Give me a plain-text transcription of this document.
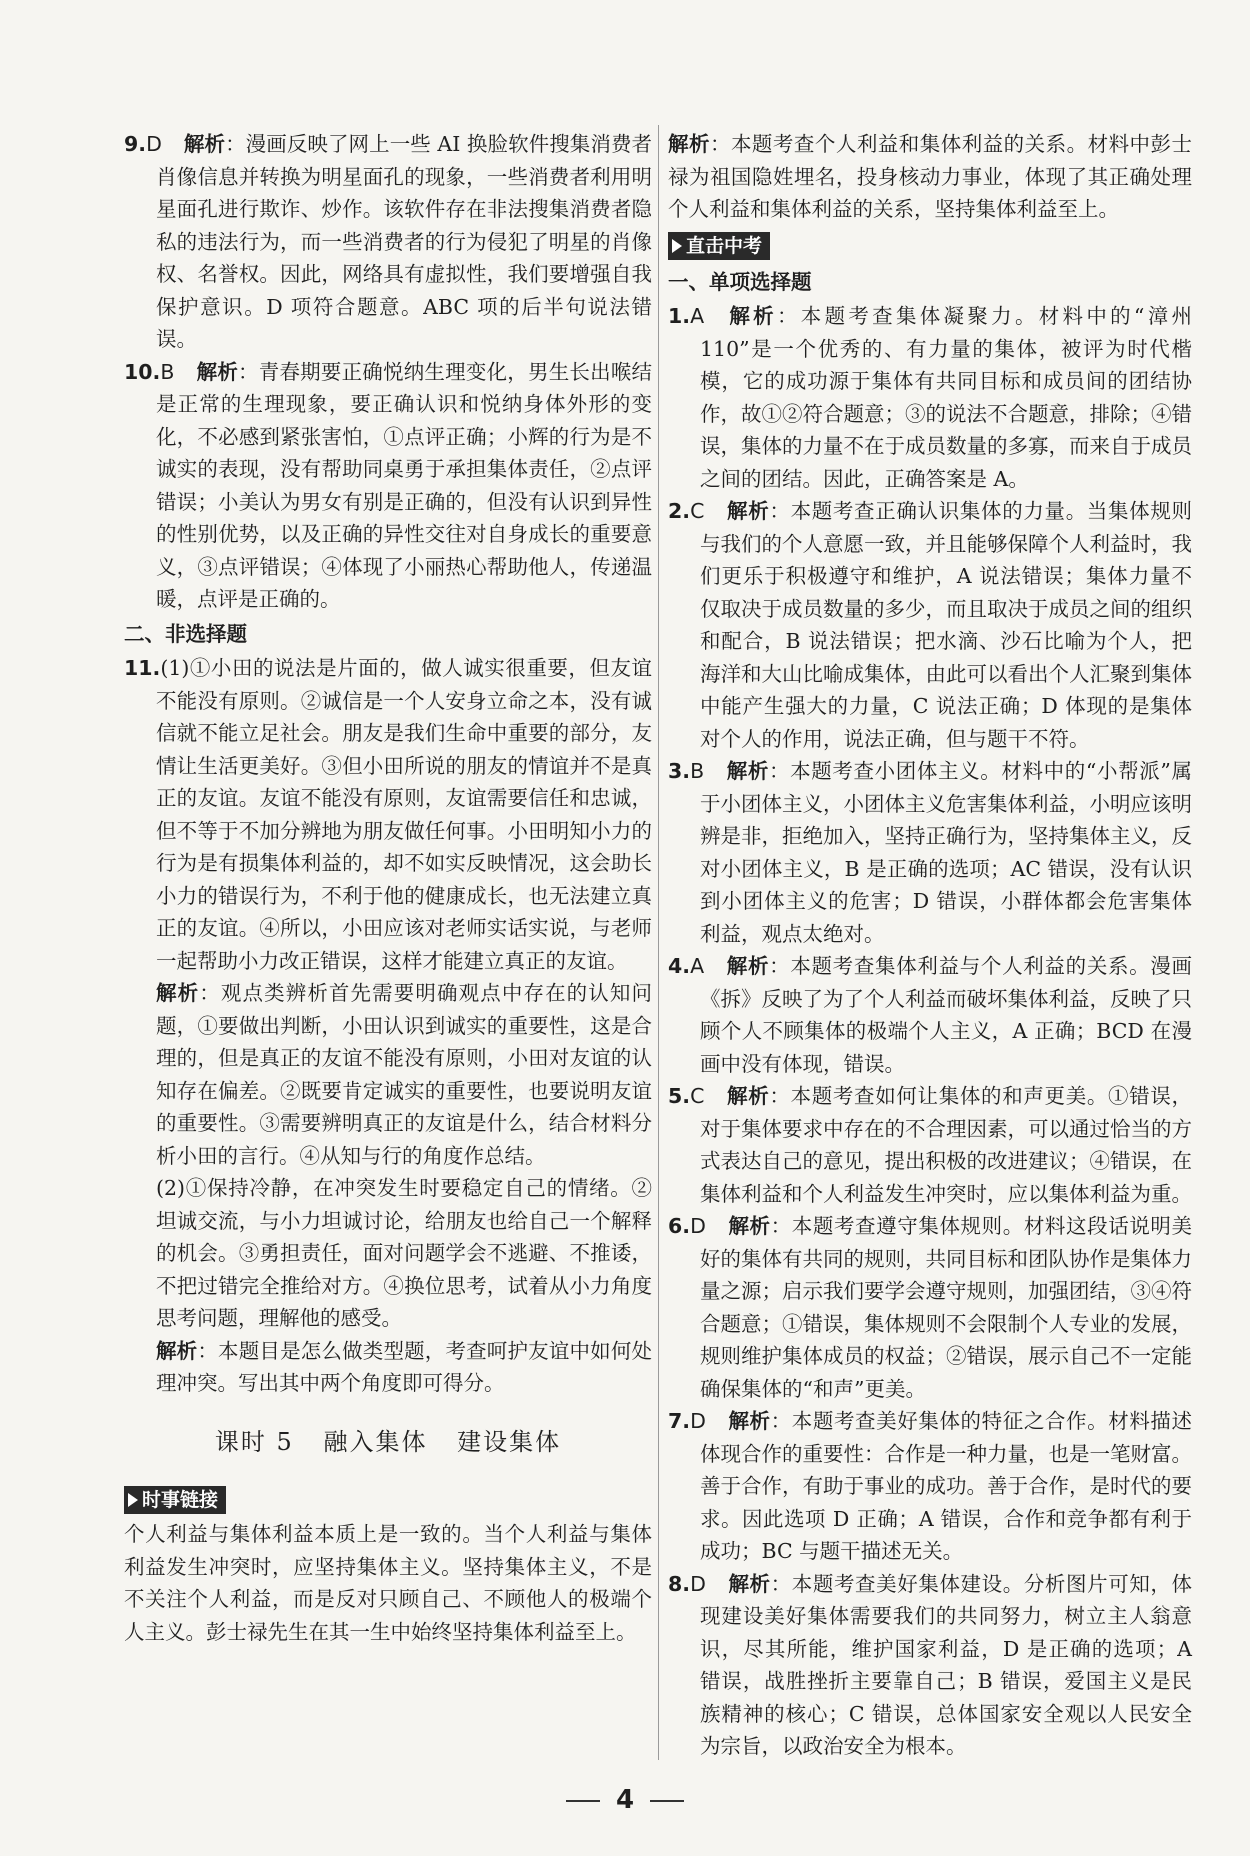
9.D 解析：漫画反映了网上一些 AI 换脸软件搜集消费者肖像信息并转换为明星面孔的现象，一些消费者利用明星面孔进行欺诈、炒作。该软件存在非法搜集消费者隐私的违法行为，而一些消费者的行为侵犯了明星的肖像权、名誉权。因此，网络具有虚拟性，我们要增强自我保护意识。D 项符合题意。ABC 项的后半句说法错误。

10.B 解析：青春期要正确悦纳生理变化，男生长出喉结是正常的生理现象，要正确认识和悦纳身体外形的变化，不必感到紧张害怕，①点评正确；小辉的行为是不诚实的表现，没有帮助同桌勇于承担集体责任，②点评错误；小美认为男女有别是正确的，但没有认识到异性的性别优势，以及正确的异性交往对自身成长的重要意义，③点评错误；④体现了小丽热心帮助他人，传递温暖，点评是正确的。

二、非选择题

11.(1)①小田的说法是片面的，做人诚实很重要，但友谊不能没有原则。②诚信是一个人安身立命之本，没有诚信就不能立足社会。朋友是我们生命中重要的部分，友情让生活更美好。③但小田所说的朋友的情谊并不是真正的友谊。友谊不能没有原则，友谊需要信任和忠诚，但不等于不加分辨地为朋友做任何事。小田明知小力的行为是有损集体利益的，却不如实反映情况，这会助长小力的错误行为，不利于他的健康成长，也无法建立真正的友谊。④所以，小田应该对老师实话实说，与老师一起帮助小力改正错误，这样才能建立真正的友谊。

解析：观点类辨析首先需要明确观点中存在的认知问题，①要做出判断，小田认识到诚实的重要性，这是合理的，但是真正的友谊不能没有原则，小田对友谊的认知存在偏差。②既要肯定诚实的重要性，也要说明友谊的重要性。③需要辨明真正的友谊是什么，结合材料分析小田的言行。④从知与行的角度作总结。

(2)①保持冷静，在冲突发生时要稳定自己的情绪。②坦诚交流，与小力坦诚讨论，给朋友也给自己一个解释的机会。③勇担责任，面对问题学会不逃避、不推诿，不把过错完全推给对方。④换位思考，试着从小力角度思考问题，理解他的感受。

解析：本题目是怎么做类型题，考查呵护友谊中如何处理冲突。写出其中两个角度即可得分。

课时 5 融入集体 建设集体
时事链接

个人利益与集体利益本质上是一致的。当个人利益与集体利益发生冲突时，应坚持集体主义。坚持集体主义，不是不关注个人利益，而是反对只顾自己、不顾他人的极端个人主义。彭士禄先生在其一生中始终坚持集体利益至上。

解析：本题考查个人利益和集体利益的关系。材料中彭士禄为祖国隐姓埋名，投身核动力事业，体现了其正确处理个人利益和集体利益的关系，坚持集体利益至上。

直击中考

一、单项选择题

1.A 解析：本题考查集体凝聚力。材料中的“漳州 110”是一个优秀的、有力量的集体，被评为时代楷模，它的成功源于集体有共同目标和成员间的团结协作，故①②符合题意；③的说法不合题意，排除；④错误，集体的力量不在于成员数量的多寡，而来自于成员之间的团结。因此，正确答案是 A。

2.C 解析：本题考查正确认识集体的力量。当集体规则与我们的个人意愿一致，并且能够保障个人利益时，我们更乐于积极遵守和维护，A 说法错误；集体力量不仅取决于成员数量的多少，而且取决于成员之间的组织和配合，B 说法错误；把水滴、沙石比喻为个人，把海洋和大山比喻成集体，由此可以看出个人汇聚到集体中能产生强大的力量，C 说法正确；D 体现的是集体对个人的作用，说法正确，但与题干不符。

3.B 解析：本题考查小团体主义。材料中的“小帮派”属于小团体主义，小团体主义危害集体利益，小明应该明辨是非，拒绝加入，坚持正确行为，坚持集体主义，反对小团体主义，B 是正确的选项；AC 错误，没有认识到小团体主义的危害；D 错误，小群体都会危害集体利益，观点太绝对。

4.A 解析：本题考查集体利益与个人利益的关系。漫画《拆》反映了为了个人利益而破坏集体利益，反映了只顾个人不顾集体的极端个人主义，A 正确；BCD 在漫画中没有体现，错误。

5.C 解析：本题考查如何让集体的和声更美。①错误，对于集体要求中存在的不合理因素，可以通过恰当的方式表达自己的意见，提出积极的改进建议；④错误，在集体利益和个人利益发生冲突时，应以集体利益为重。

6.D 解析：本题考查遵守集体规则。材料这段话说明美好的集体有共同的规则，共同目标和团队协作是集体力量之源；启示我们要学会遵守规则，加强团结，③④符合题意；①错误，集体规则不会限制个人专业的发展，规则维护集体成员的权益；②错误，展示自己不一定能确保集体的“和声”更美。

7.D 解析：本题考查美好集体的特征之合作。材料描述体现合作的重要性：合作是一种力量，也是一笔财富。善于合作，有助于事业的成功。善于合作，是时代的要求。因此选项 D 正确；A 错误，合作和竞争都有利于成功；BC 与题干描述无关。

8.D 解析：本题考查美好集体建设。分析图片可知，体现建设美好集体需要我们的共同努力，树立主人翁意识，尽其所能，维护国家利益，D 是正确的选项；A 错误，战胜挫折主要靠自己；B 错误，爱国主义是民族精神的核心；C 错误，总体国家安全观以人民安全为宗旨，以政治安全为根本。

4
